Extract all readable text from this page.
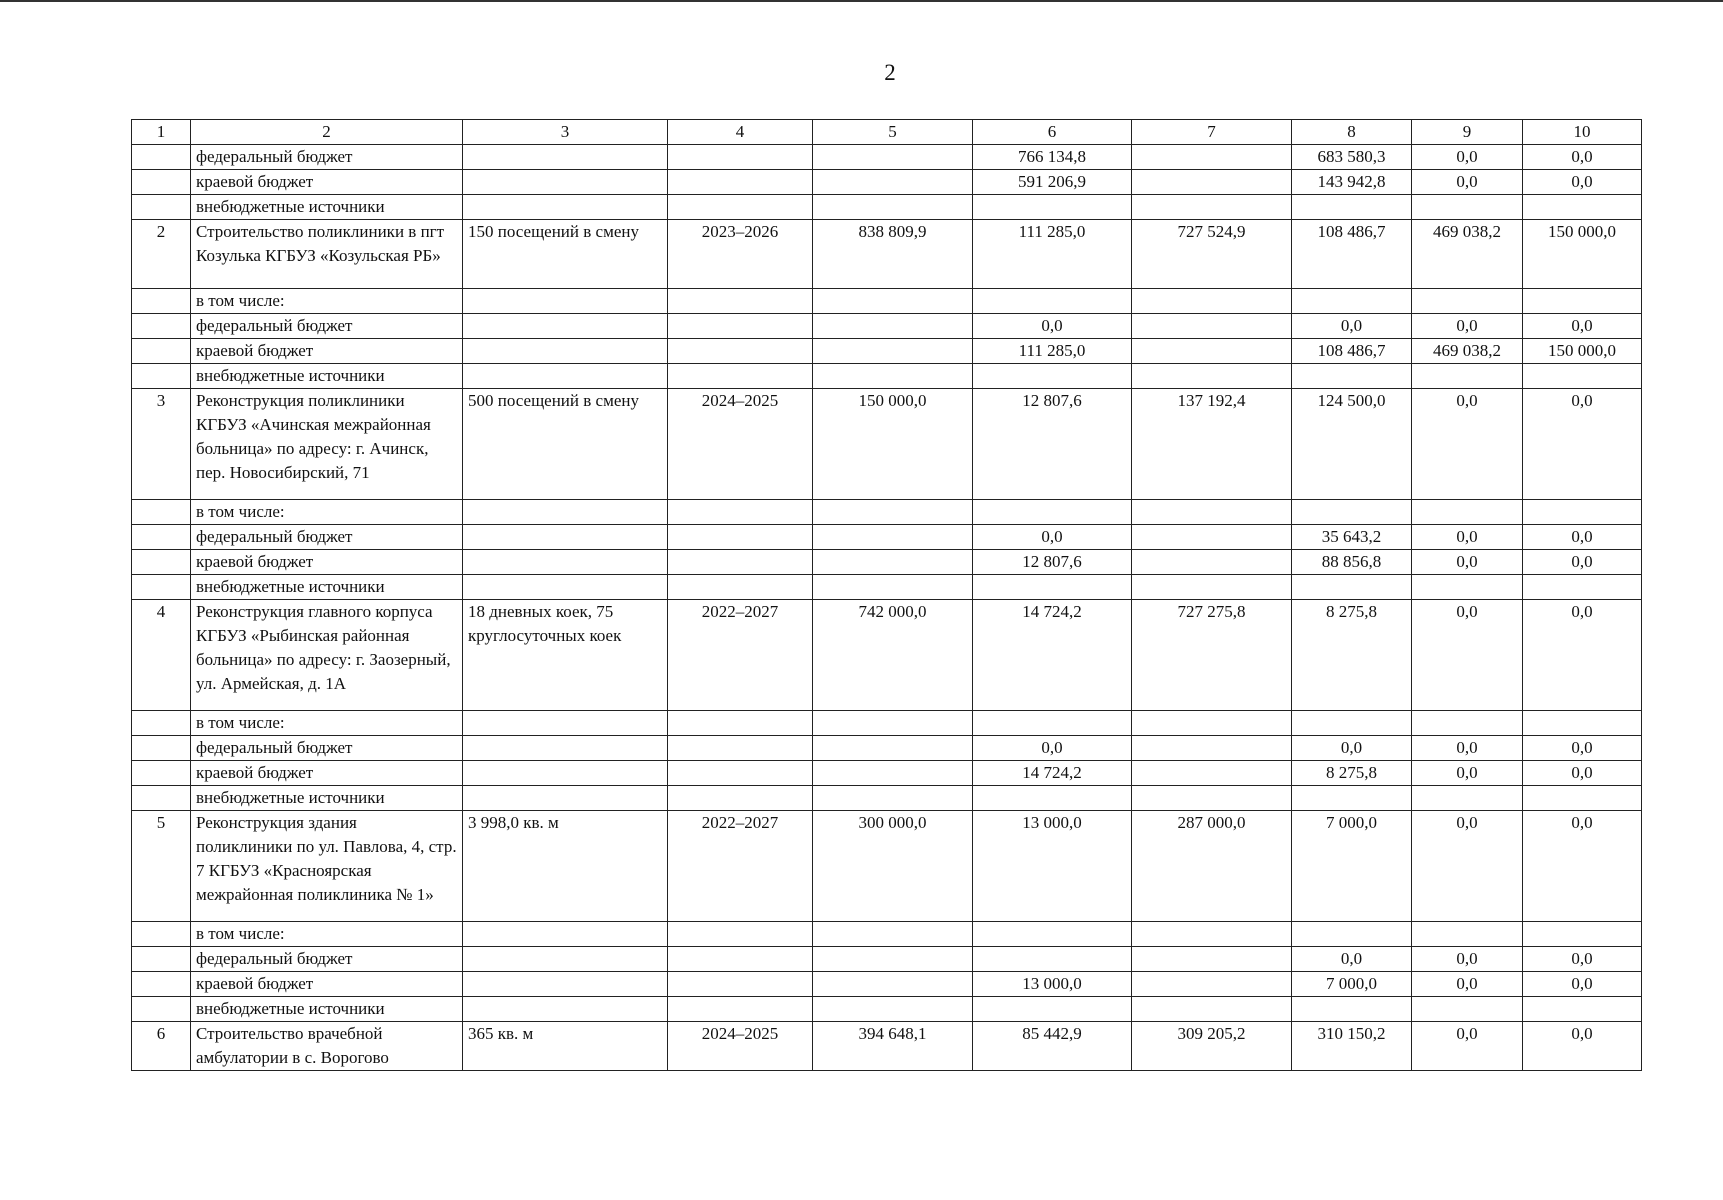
2
1	2	3	4	5	6	7	8	9	10
	федеральный бюджет				766 134,8		683 580,3	0,0	0,0
	краевой бюджет				591 206,9		143 942,8	0,0	0,0
	внебюджетные источники								
2	Строительство поликлиники в пгт Козулька КГБУЗ «Козульская РБ»	150 посещений в смену	2023–2026	838 809,9	111 285,0	727 524,9	108 486,7	469 038,2	150 000,0
	в том числе:								
	федеральный бюджет				0,0		0,0	0,0	0,0
	краевой бюджет				111 285,0		108 486,7	469 038,2	150 000,0
	внебюджетные источники								
3	Реконструкция поликлиники КГБУЗ «Ачинская межрайонная больница» по адресу: г. Ачинск, пер. Новосибирский, 71	500 посещений в смену	2024–2025	150 000,0	12 807,6	137 192,4	124 500,0	0,0	0,0
	в том числе:								
	федеральный бюджет				0,0		35 643,2	0,0	0,0
	краевой бюджет				12 807,6		88 856,8	0,0	0,0
	внебюджетные источники								
4	Реконструкция главного корпуса КГБУЗ «Рыбинская районная больница» по адресу: г. Заозерный, ул. Армейская, д. 1А	18 дневных коек, 75 круглосуточных коек	2022–2027	742 000,0	14 724,2	727 275,8	8 275,8	0,0	0,0
	в том числе:								
	федеральный бюджет				0,0		0,0	0,0	0,0
	краевой бюджет				14 724,2		8 275,8	0,0	0,0
	внебюджетные источники								
5	Реконструкция здания поликлиники по ул. Павлова, 4, стр. 7 КГБУЗ «Красноярская межрайонная поликлиника № 1»	3 998,0 кв. м	2022–2027	300 000,0	13 000,0	287 000,0	7 000,0	0,0	0,0
	в том числе:								
	федеральный бюджет						0,0	0,0	0,0
	краевой бюджет				13 000,0		7 000,0	0,0	0,0
	внебюджетные источники								
6	Строительство врачебной амбулатории в с. Ворогово	365 кв. м	2024–2025	394 648,1	85 442,9	309 205,2	310 150,2	0,0	0,0
